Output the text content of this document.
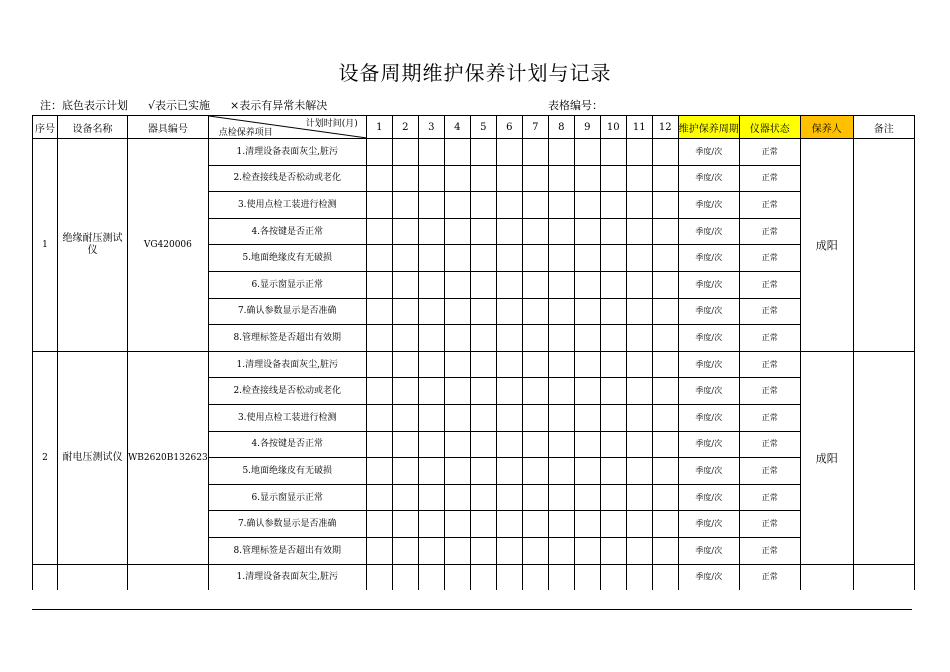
设备周期维护保养计划与记录
注：底色表示计划 √表示已实施 ×表示有异常未解决	表格编号：
序号	设备名称	器具编号	计划时间(月)
点检保养项目	1	2	3	4	5	6	7	8	9	10	11	12	维护保养周期	仪器状态	保养人	备注
1	绝缘耐压测试仪	VG420006	1.清理设备表面灰尘,脏污													季度/次	正常	成阳	
			2.检查接线是否松动或老化													季度/次	正常		

			3.使用点检工装进行检测													季度/次	正常		

			4.各按键是否正常													季度/次	正常		

			5.地面绝缘皮有无破损													季度/次	正常		

			6.显示窗显示正常													季度/次	正常		

			7.确认参数显示是否准确													季度/次	正常		

			8.管理标签是否超出有效期													季度/次	正常		

2	耐电压测试仪	WB2620B132623	1.清理设备表面灰尘,脏污													季度/次	正常	成阳	
			2.检查接线是否松动或老化													季度/次	正常		

			3.使用点检工装进行检测													季度/次	正常		

			4.各按键是否正常													季度/次	正常		

			5.地面绝缘皮有无破损													季度/次	正常		

			6.显示窗显示正常													季度/次	正常		

			7.确认参数显示是否准确													季度/次	正常		

			8.管理标签是否超出有效期													季度/次	正常		

			1.清理设备表面灰尘,脏污													季度/次	正常		
